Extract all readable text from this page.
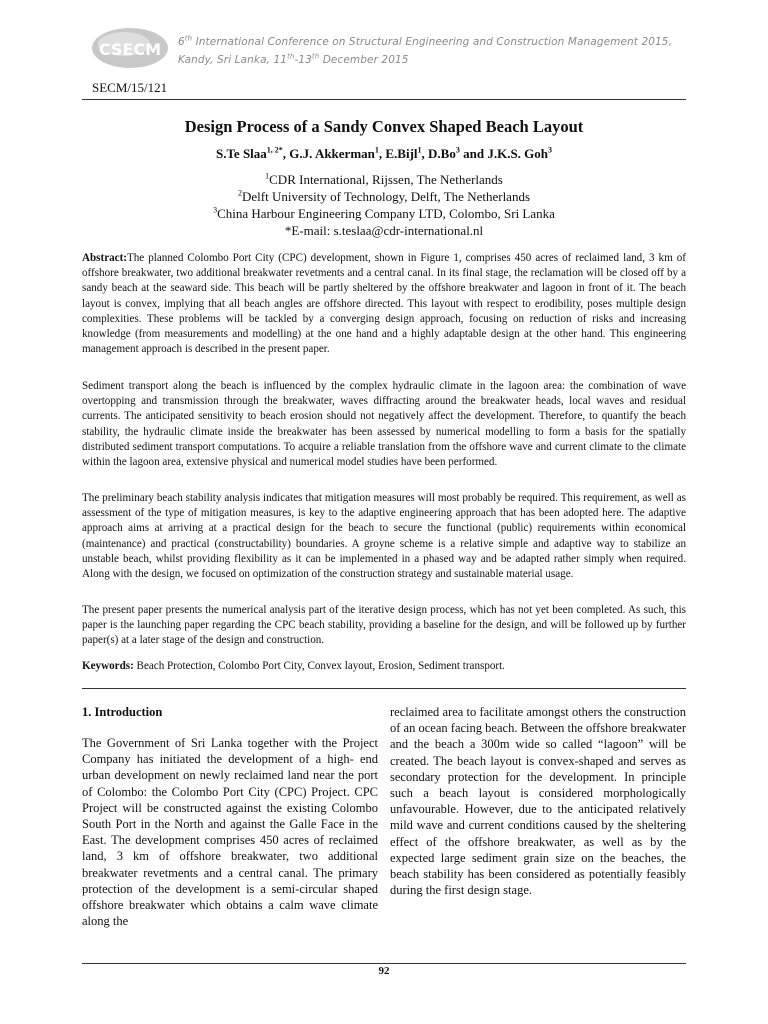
CSECM 6th International Conference on Structural Engineering and Construction Management 2015,
Kandy, Sri Lanka, 11th-13th December 2015
SECM/15/121
Design Process of a Sandy Convex Shaped Beach Layout
S.Te Slaa$^{1, 2*}$, G.J. Akkerman$^1$, E.Bijl$^1$, D.Bo$^3$ and J.K.S. Goh$^3$
$^1$CDR International, Rijssen, The Netherlands
$^2$Delft University of Technology, Delft, The Netherlands
$^3$China Harbour Engineering Company LTD, Colombo, Sri Lanka
*E-mail: s.teslaa@cdr-international.nl

Abstract:The planned Colombo Port City (CPC) development, shown in Figure 1, comprises 450 acres of reclaimed land, 3 km of offshore breakwater, two additional breakwater revetments and a central canal. In its final stage, the reclamation will be closed off by a sandy beach at the seaward side. This beach will be partly sheltered by the offshore breakwater and lagoon in front of it. The beach layout is convex, implying that all beach angles are offshore directed. This layout with respect to erodibility, poses multiple design complexities. These problems will be tackled by a converging design approach, focusing on reduction of risks and increasing knowledge (from measurements and modelling) at the one hand and a highly adaptable design at the other hand. This engineering management approach is described in the present paper.

Sediment transport along the beach is influenced by the complex hydraulic climate in the lagoon area: the combination of wave overtopping and transmission through the breakwater, waves diffracting around the breakwater heads, local waves and residual currents. The anticipated sensitivity to beach erosion should not negatively affect the development. Therefore, to quantify the beach stability, the hydraulic climate inside the breakwater has been assessed by numerical modelling to form a basis for the spatially distributed sediment transport computations. To acquire a reliable translation from the offshore wave and current climate to the climate within the lagoon area, extensive physical and numerical model studies have been performed.

The preliminary beach stability analysis indicates that mitigation measures will most probably be required. This requirement, as well as assessment of the type of mitigation measures, is key to the adaptive engineering approach that has been adopted here. The adaptive approach aims at arriving at a practical design for the beach to secure the functional (public) requirements within economical (maintenance) and practical (constructability) boundaries. A groyne scheme is a relative simple and adaptive way to stabilize an unstable beach, whilst providing flexibility as it can be implemented in a phased way and be adapted rather simply when required. Along with the design, we focused on optimization of the construction strategy and sustainable material usage.

The present paper presents the numerical analysis part of the iterative design process, which has not yet been completed. As such, this paper is the launching paper regarding the CPC beach stability, providing a baseline for the design, and will be followed up by further paper(s) at a later stage of the design and construction.

Keywords: Beach Protection, Colombo Port City, Convex layout, Erosion, Sediment transport.

1. Introduction

The Government of Sri Lanka together with the Project Company has initiated the development of a high- end urban development on newly reclaimed land near the port of Colombo: the Colombo Port City (CPC) Project. CPC Project will be constructed against the existing Colombo South Port in the North and against the Galle Face in the East. The development comprises 450 acres of reclaimed land, 3 km of offshore breakwater, two additional breakwater revetments and a central canal. The primary protection of the development is a semi-circular shaped offshore breakwater which obtains a calm wave climate along the

reclaimed area to facilitate amongst others the construction of an ocean facing beach. Between the offshore breakwater and the beach a 300m wide so called “lagoon” will be created. The beach layout is convex-shaped and serves as secondary protection for the development. In principle such a beach layout is considered morphologically unfavourable. However, due to the anticipated relatively mild wave and current conditions caused by the sheltering effect of the offshore breakwater, as well as by the expected large sediment grain size on the beaches, the beach stability has been considered as potentially feasibly during the first design stage.

92
